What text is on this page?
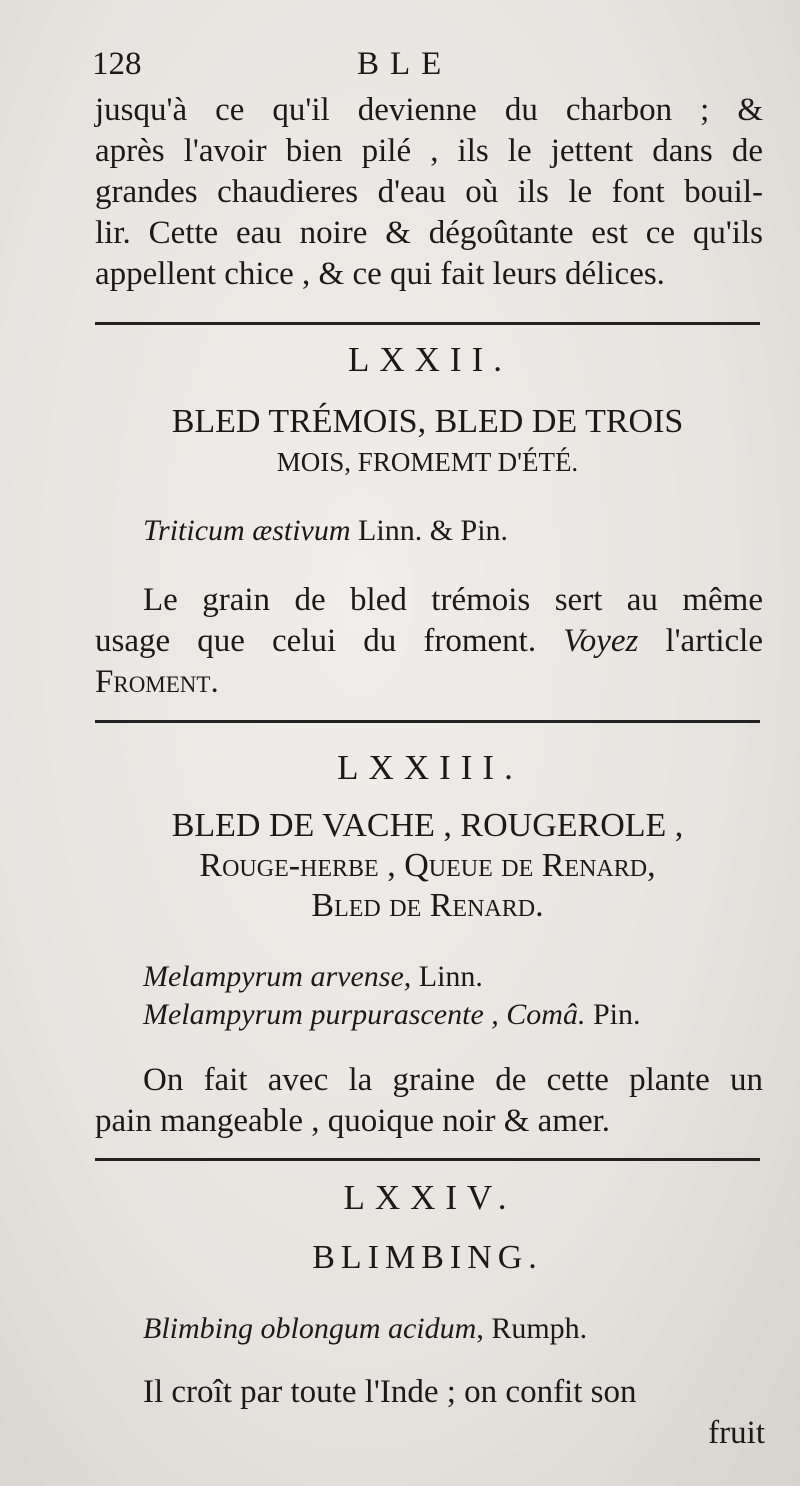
128	BLE

jusqu'à ce qu'il devienne du charbon ; &

après l'avoir bien pilé , ils le jettent dans de

grandes chaudieres d'eau où ils le font bouil-

lir. Cette eau noire & dégoûtante est ce qu'ils

appellent chice , & ce qui fait leurs délices.

LXXII.

BLED TRÉMOIS, BLED DE TROIS

MOIS, FROMEMT D'ÉTÉ.

Triticum æstivum Linn. & Pin.

Le grain de bled trémois sert au même

usage que celui du froment. Voyez l'article

Froment.

LXXIII.

BLED DE VACHE , ROUGEROLE ,

Rouge-herbe , Queue de Renard,

Bled de Renard.

Melampyrum arvense, Linn.

Melampyrum purpurascente , Comâ. Pin.

On fait avec la graine de cette plante un

pain mangeable , quoique noir & amer.

LXXIV.

BLIMBING.

Blimbing oblongum acidum, Rumph.

Il croît par toute l'Inde ; on confit son

fruit
